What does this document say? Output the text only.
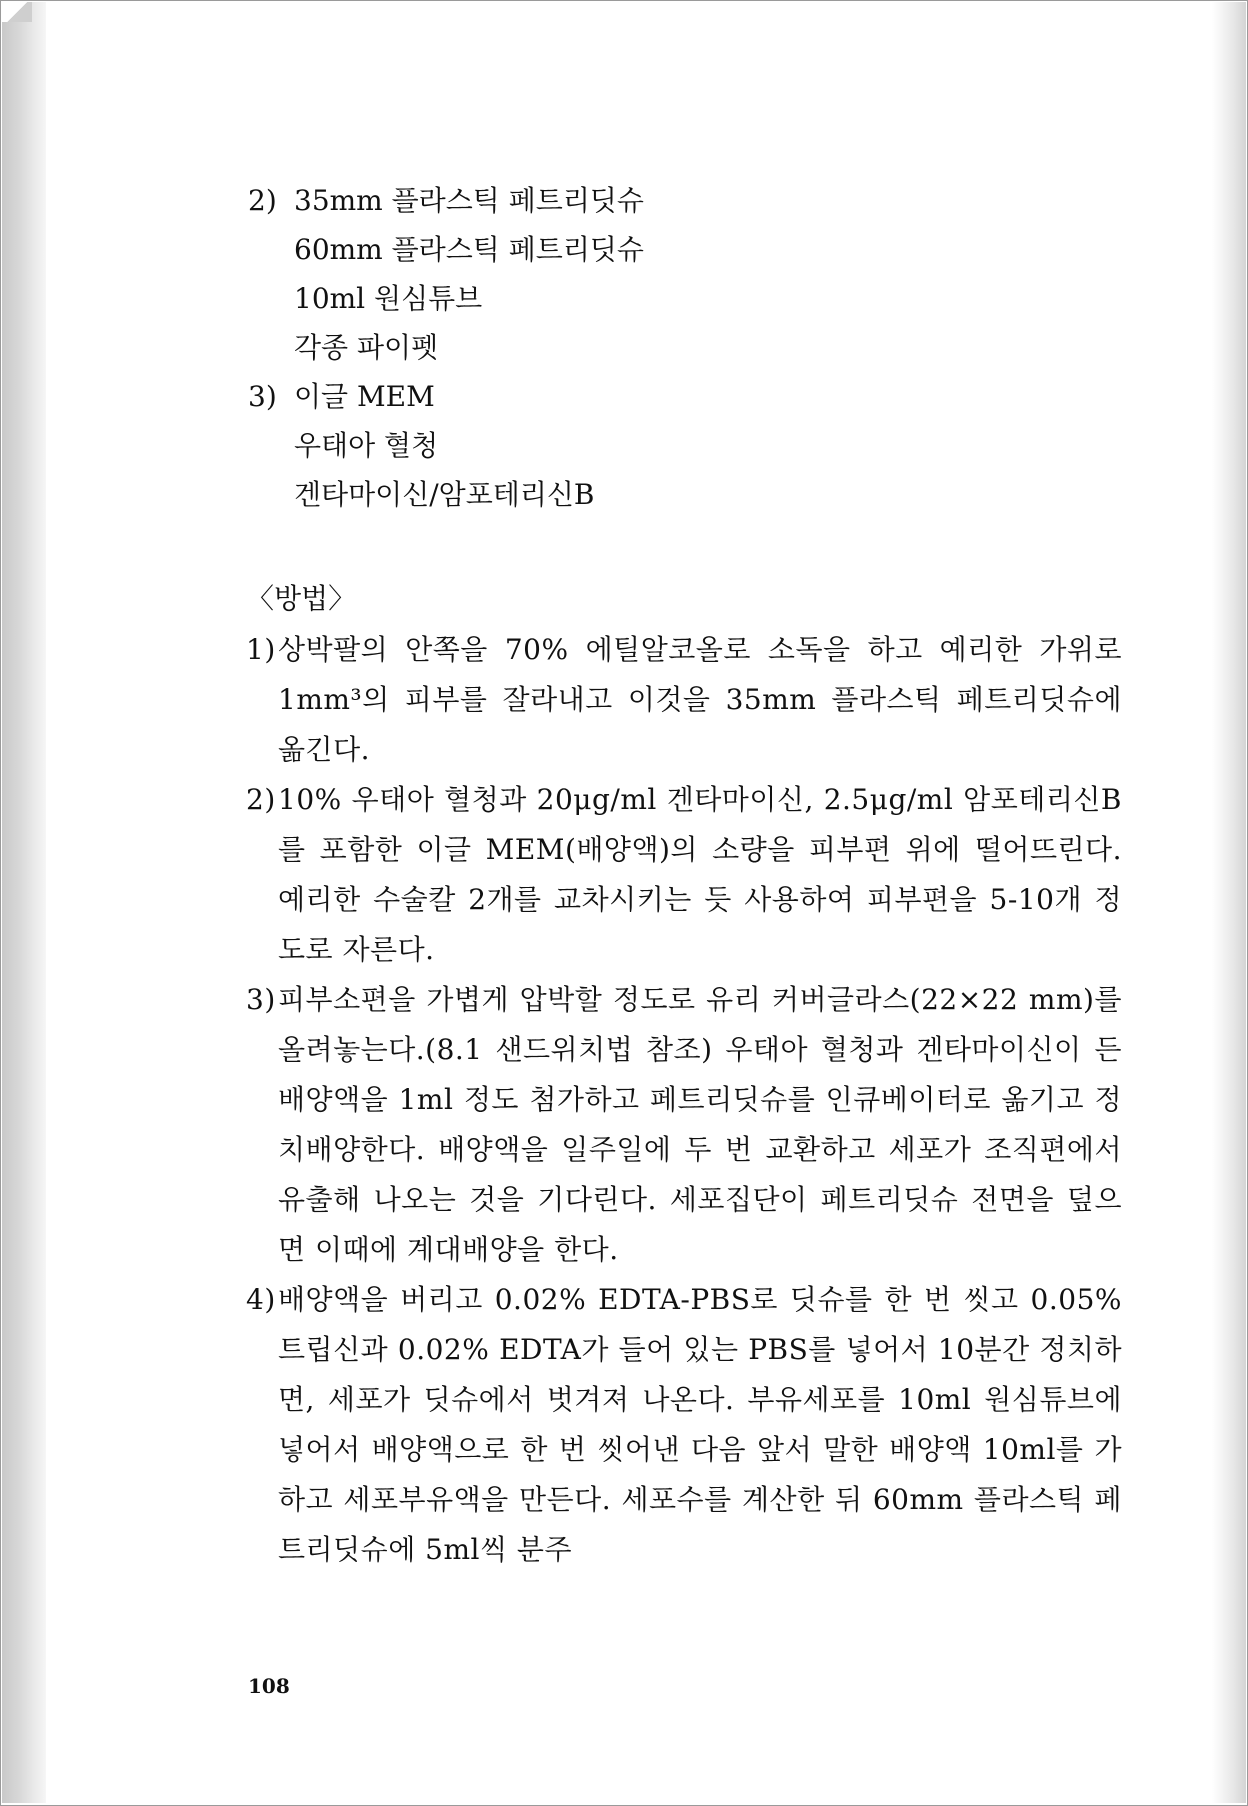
2) 35mm 플라스틱 페트리딧슈
60mm 플라스틱 페트리딧슈
10ml 원심튜브
각종 파이펫
3) 이글 MEM
우태아 혈청
겐타마이신/암포테리신B
〈방법〉
1) 상박팔의 안쪽을 70% 에틸알코올로 소독을 하고 예리한 가위로 1mm³의 피부를 잘라내고 이것을 35mm 플라스틱 페트리딧슈에 옮긴다.
2) 10% 우태아 혈청과 20μg/ml 겐타마이신, 2.5μg/ml 암포테리신B를 포함한 이글 MEM(배양액)의 소량을 피부편 위에 떨어뜨린다. 예리한 수술칼 2개를 교차시키는 듯 사용하여 피부편을 5-10개 정도로 자른다.
3) 피부소편을 가볍게 압박할 정도로 유리 커버글라스(22×22 mm)를 올려놓는다.(8.1 샌드위치법 참조) 우태아 혈청과 겐타마이신이 든 배양액을 1ml 정도 첨가하고 페트리딧슈를 인큐베이터로 옮기고 정치배양한다. 배양액을 일주일에 두 번 교환하고 세포가 조직편에서 유출해 나오는 것을 기다린다. 세포집단이 페트리딧슈 전면을 덮으면 이때에 계대배양을 한다.
4) 배양액을 버리고 0.02% EDTA-PBS로 딧슈를 한 번 씻고 0.05% 트립신과 0.02% EDTA가 들어 있는 PBS를 넣어서 10분간 정치하면, 세포가 딧슈에서 벗겨져 나온다. 부유세포를 10ml 원심튜브에 넣어서 배양액으로 한 번 씻어낸 다음 앞서 말한 배양액 10ml를 가하고 세포부유액을 만든다. 세포수를 계산한 뒤 60mm 플라스틱 페트리딧슈에 5ml씩 분주
108
